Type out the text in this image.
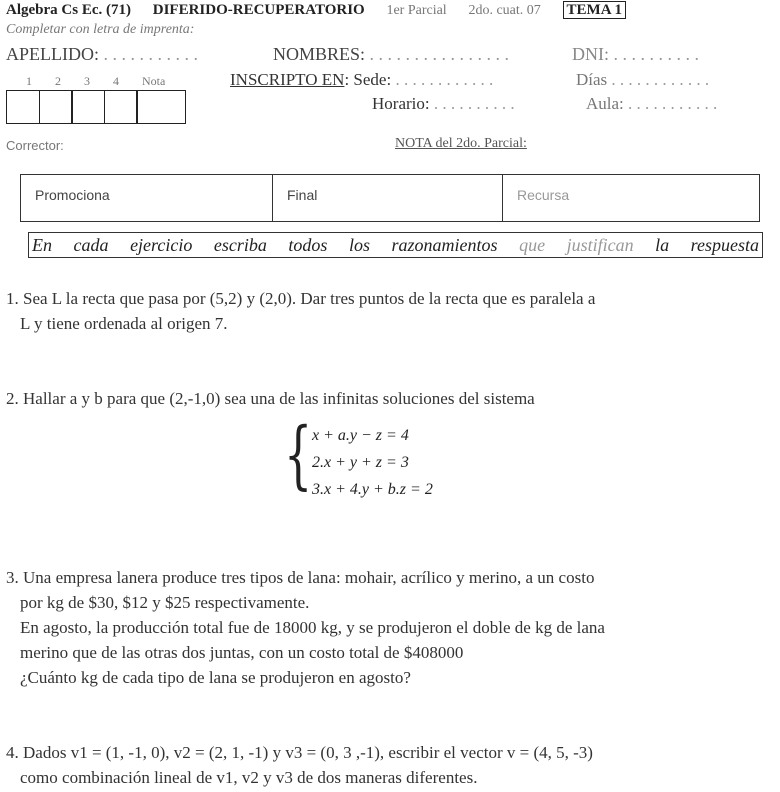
Algebra Cs Ec. (71) DIFERIDO-RECUPERATORIO 1er Parcial 2do. cuat. 07 TEMA 1
Completar con letra de imprenta:
APELLIDO: . . . . . . . . . . .	NOMBRES: . . . . . . . . . . . . . . . .	DNI: . . . . . . . . . .
1 2 3 4 Nota	INSCRIPTO EN: Sede: . . . . . . . . . . . .	Días . . . . . . . . . . . .
Horario: . . . . . . . . . .	Aula: . . . . . . . . . . .
Corrector:	NOTA del 2do. Parcial:
Promociona	Final	Recursa
En cada ejercicio escriba todos los razonamientos que justifican la respuesta

1. Sea L la recta que pasa por (5,2) y (2,0). Dar tres puntos de la recta que es paralela a

L y tiene ordenada al origen 7.

2. Hallar a y b para que (2,-1,0) sea una de las infinitas soluciones del sistema

{ x + a.y − z = 4
2.x + y + z = 3
3.x + 4.y + b.z = 2

3. Una empresa lanera produce tres tipos de lana: mohair, acrílico y merino, a un costo

por kg de $30, $12 y $25 respectivamente.

En agosto, la producción total fue de 18000 kg, y se produjeron el doble de kg de lana

merino que de las otras dos juntas, con un costo total de $408000

¿Cuánto kg de cada tipo de lana se produjeron en agosto?

4. Dados v1 = (1, -1, 0), v2 = (2, 1, -1) y v3 = (0, 3 ,-1), escribir el vector v = (4, 5, -3)

como combinación lineal de v1, v2 y v3 de dos maneras diferentes.
